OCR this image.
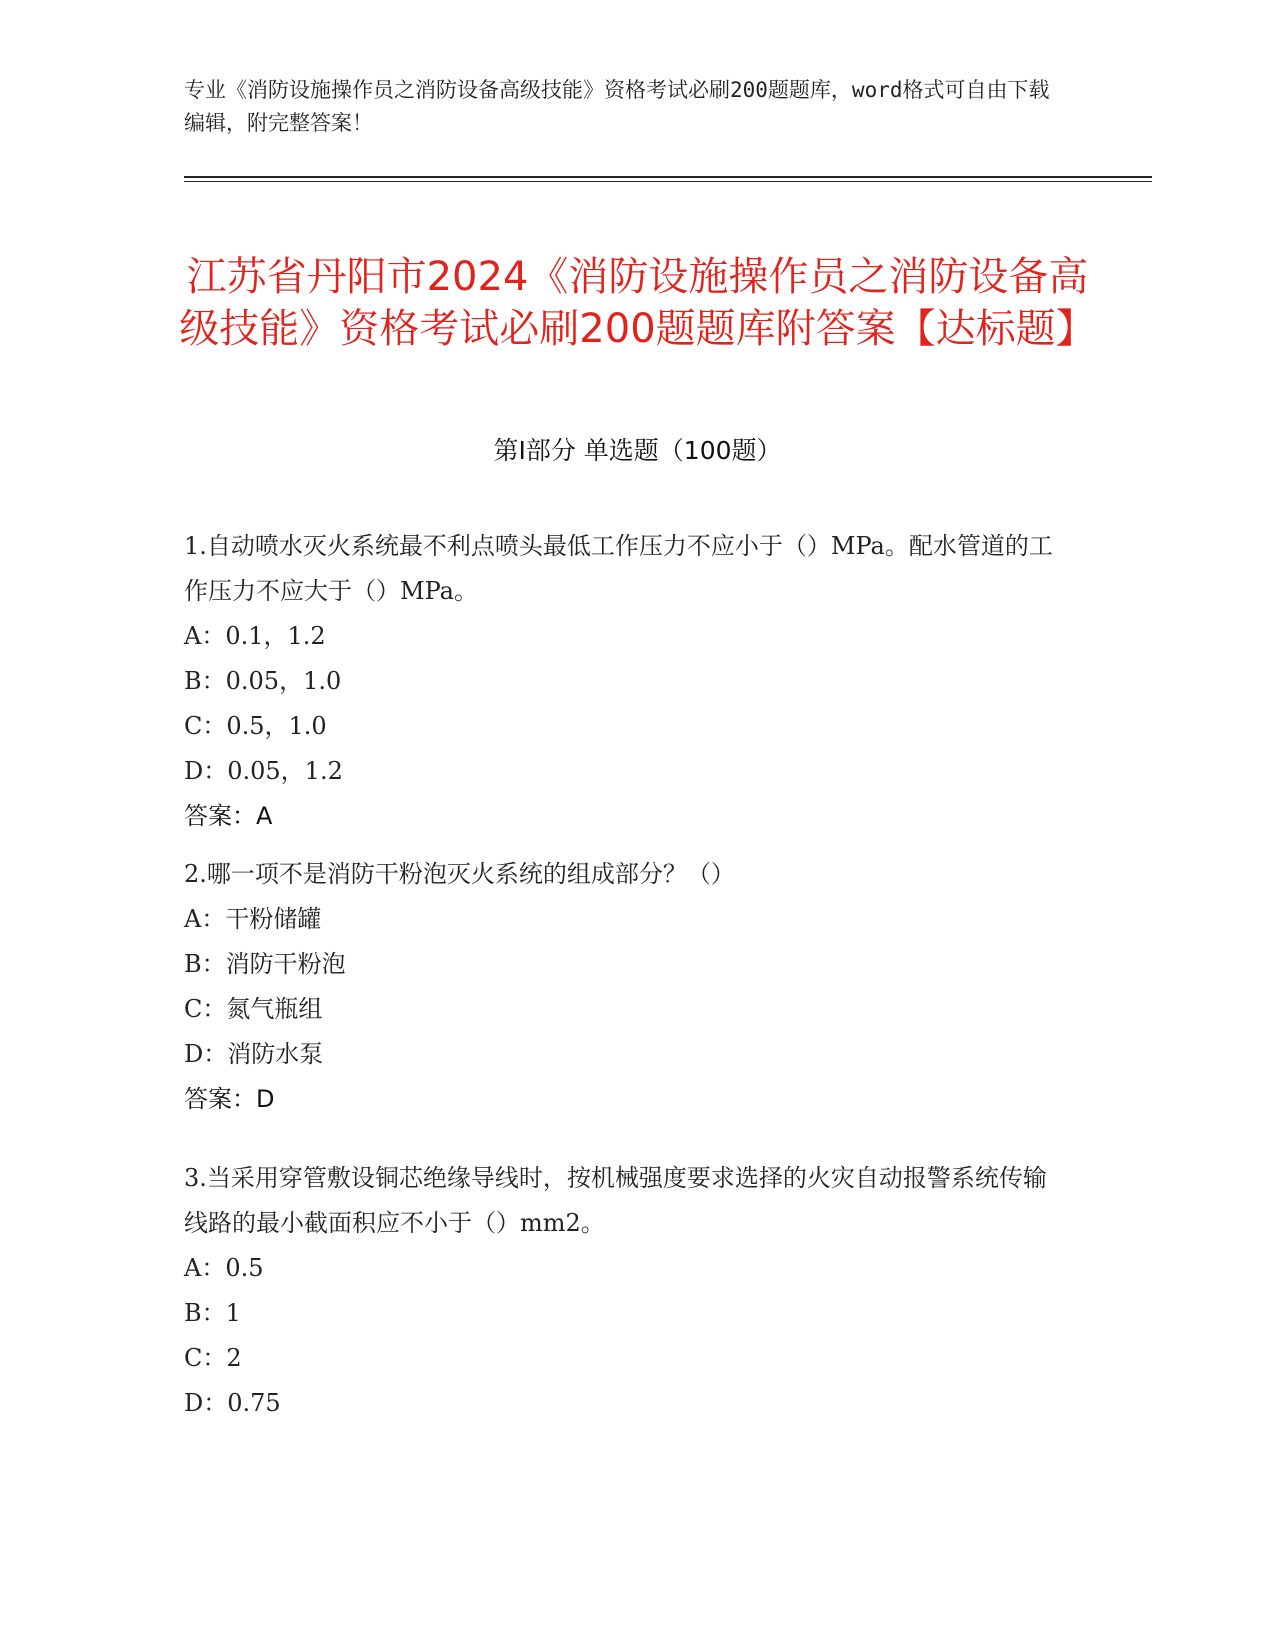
专业《消防设施操作员之消防设备高级技能》资格考试必刷200题题库，word格式可自由下载编辑，附完整答案！
江苏省丹阳市2024《消防设施操作员之消防设备高级技能》资格考试必刷200题题库附答案【达标题】
第Ⅰ部分 单选题（100题）

1.自动喷水灭火系统最不利点喷头最低工作压力不应小于（）MPa。配水管道的工作压力不应大于（）MPa。

A：0.1，1.2

B：0.05，1.0

C：0.5，1.0

D：0.05，1.2

答案：A

2.哪一项不是消防干粉泡灭火系统的组成部分？（）

A：干粉储罐

B：消防干粉泡

C：氮气瓶组

D：消防水泵

答案：D

3.当采用穿管敷设铜芯绝缘导线时，按机械强度要求选择的火灾自动报警系统传输线路的最小截面积应不小于（）mm2。

A：0.5

B：1

C：2

D：0.75
